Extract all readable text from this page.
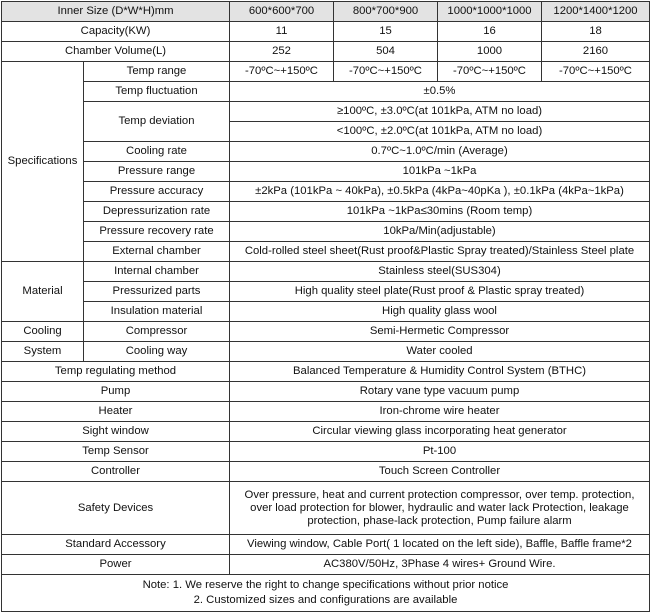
Inner Size (D*W*H)mm		600*600*700	800*700*900	1000*1000*1000	1200*1400*1200
Capacity(KW)		11	15	16	18
Chamber Volume(L)		252	504	1000	2160
Specifications	Temp range	-70ºC~+150ºC	-70ºC~+150ºC	-70ºC~+150ºC	-70ºC~+150ºC
	Temp fluctuation	±0.5%			
	Temp deviation	≥100ºC, ±3.0ºC(at 101kPa, ATM no load)			
		<100ºC, ±2.0ºC(at 101kPa, ATM no load)			
	Cooling rate	0.7ºC~1.0ºC/min (Average)			
	Pressure range	101kPa ~1kPa			
	Pressure accuracy	±2kPa (101kPa ~ 40kPa), ±0.5kPa (4kPa~40pKa ), ±0.1kPa (4kPa~1kPa)			
	Depressurization rate	101kPa ~1kPa≤30mins (Room temp)			
	Pressure recovery rate	10kPa/Min(adjustable)			
	External chamber	Cold-rolled steel sheet(Rust proof&Plastic Spray treated)/Stainless Steel plate			
Material	Internal chamber	Stainless steel(SUS304)			
	Pressurized parts	High quality steel plate(Rust proof & Plastic spray treated)			
	Insulation material	High quality glass wool			
Cooling	Compressor	Semi-Hermetic Compressor			
System	Cooling way	Water cooled			
Temp regulating method		Balanced Temperature & Humidity Control System (BTHC)			
Pump		Rotary vane type vacuum pump			
Heater		Iron-chrome wire heater			
Sight window		Circular viewing glass incorporating heat generator			
Temp Sensor		Pt-100			
Controller		Touch Screen Controller			
Safety Devices		Over pressure, heat and current protection compressor, over temp. protection,
over load protection for blower, hydraulic and water lack Protection, leakage
protection, phase-lack protection, Pump failure alarm			

Standard Accessory		Viewing window, Cable Port( 1 located on the left side), Baffle, Baffle frame*2			
Power		AC380V/50Hz, 3Phase 4 wires+ Ground Wire.			

Note: 1. We reserve the right to change specifications without prior notice
2. Customized sizes and configurations are available					
